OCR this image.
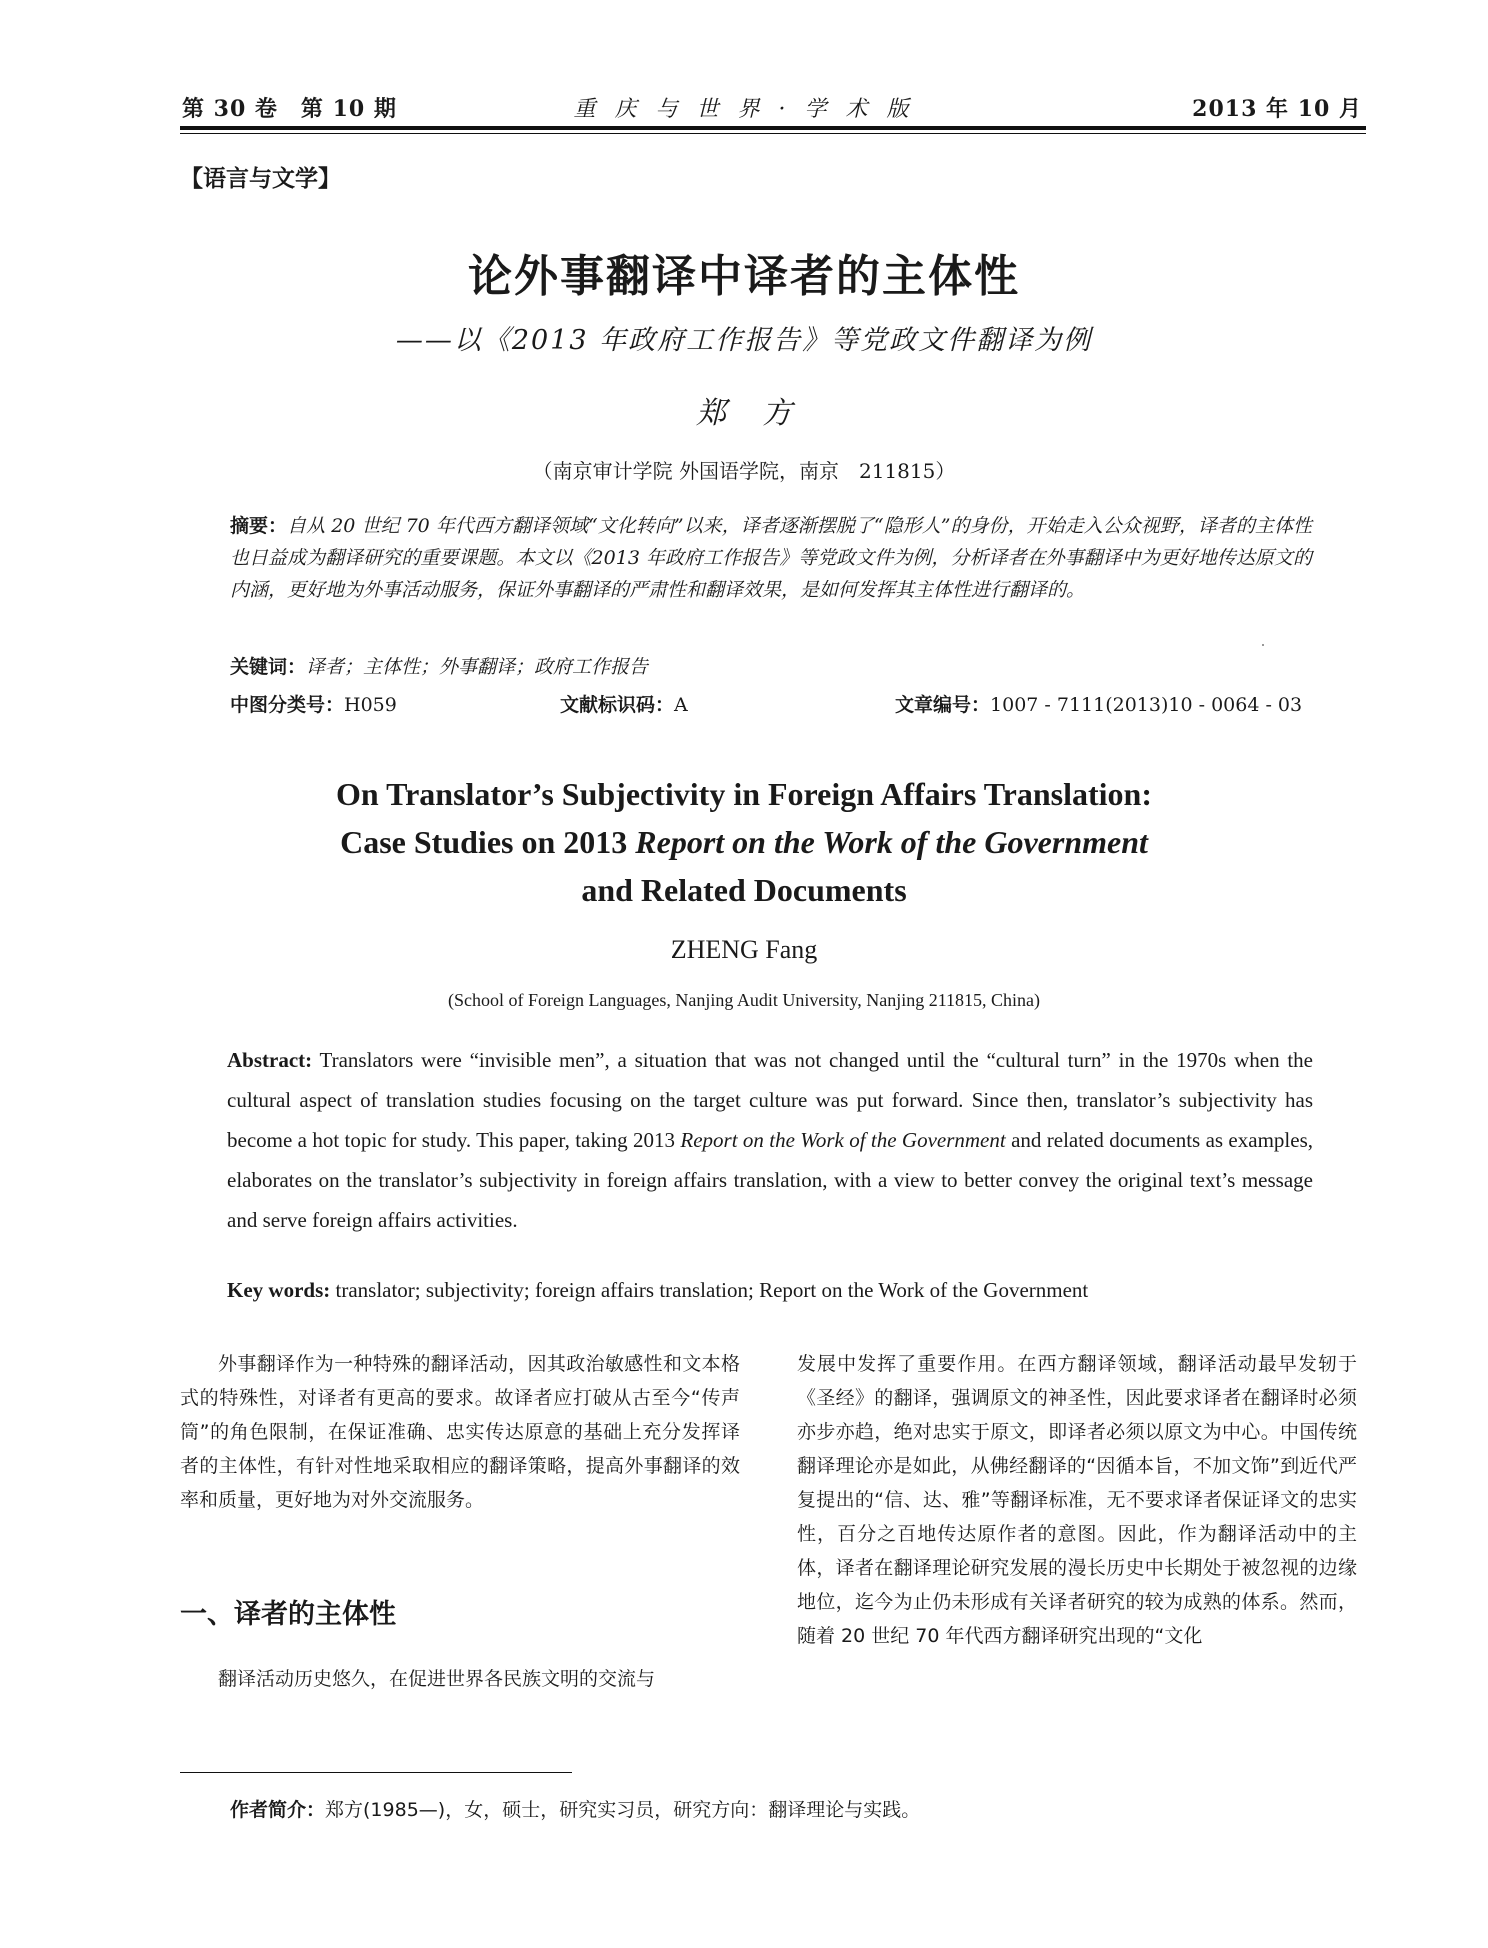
第 30 卷　第 10 期	重 庆 与 世 界 · 学 术 版	2013 年 10 月
【语言与文学】
论外事翻译中译者的主体性
——以《2013 年政府工作报告》等党政文件翻译为例
郑方
（南京审计学院 外国语学院，南京　211815）
摘要：自从 20 世纪 70 年代西方翻译领域“文化转向”以来，译者逐渐摆脱了“隐形人”的身份，开始走入公众视野，译者的主体性也日益成为翻译研究的重要课题。本文以《2013 年政府工作报告》等党政文件为例，分析译者在外事翻译中为更好地传达原文的内涵，更好地为外事活动服务，保证外事翻译的严肃性和翻译效果，是如何发挥其主体性进行翻译的。
关键词：译者；主体性；外事翻译；政府工作报告
中图分类号：H059	文献标识码：A	文章编号：1007 - 7111(2013)10 - 0064 - 03
On Translator’s Subjectivity in Foreign Affairs Translation:
Case Studies on 2013 Report on the Work of the Government
and Related Documents
ZHENG Fang
(School of Foreign Languages, Nanjing Audit University, Nanjing 211815, China)
Abstract: Translators were “invisible men”, a situation that was not changed until the “cultural turn” in the 1970s when the cultural aspect of translation studies focusing on the target culture was put forward. Since then, translator’s subjectivity has become a hot topic for study. This paper, taking 2013 Report on the Work of the Government and related documents as examples, elaborates on the translator’s subjectivity in foreign affairs translation, with a view to better convey the original text’s message and serve foreign affairs activities.
Key words: translator; subjectivity; foreign affairs translation; Report on the Work of the Government

外事翻译作为一种特殊的翻译活动，因其政治敏感性和文本格式的特殊性，对译者有更高的要求。故译者应打破从古至今“传声筒”的角色限制，在保证准确、忠实传达原意的基础上充分发挥译者的主体性，有针对性地采取相应的翻译策略，提高外事翻译的效率和质量，更好地为对外交流服务。

一、译者的主体性

翻译活动历史悠久，在促进世界各民族文明的交流与

发展中发挥了重要作用。在西方翻译领域，翻译活动最早发轫于《圣经》的翻译，强调原文的神圣性，因此要求译者在翻译时必须亦步亦趋，绝对忠实于原文，即译者必须以原文为中心。中国传统翻译理论亦是如此，从佛经翻译的“因循本旨，不加文饰”到近代严复提出的“信、达、雅”等翻译标准，无不要求译者保证译文的忠实性，百分之百地传达原作者的意图。因此，作为翻译活动中的主体，译者在翻译理论研究发展的漫长历史中长期处于被忽视的边缘地位，迄今为止仍未形成有关译者研究的较为成熟的体系。然而，随着 20 世纪 70 年代西方翻译研究出现的“文化

作者简介：郑方(1985—)，女，硕士，研究实习员，研究方向：翻译理论与实践。
